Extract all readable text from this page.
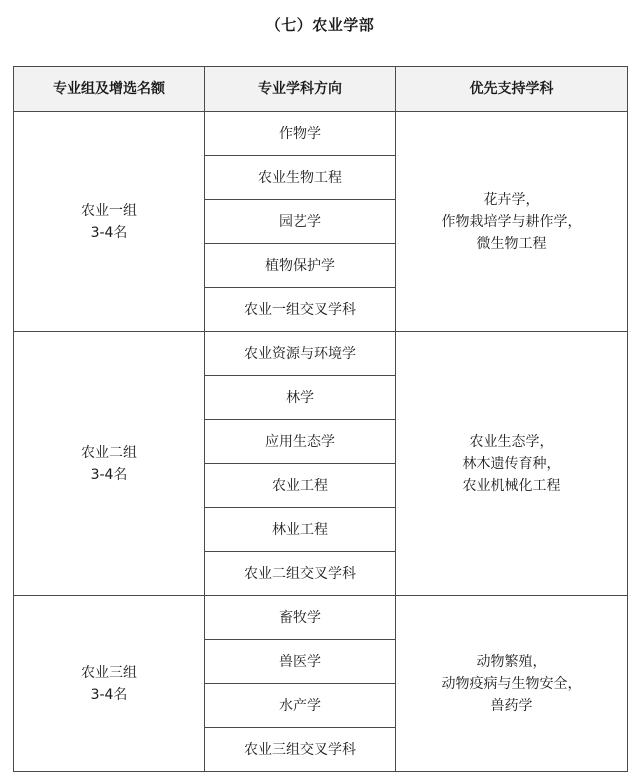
（七）农业学部
专业组及增选名额	专业学科方向	优先支持学科

农业一组
3-4名	作物学	花卉学，
作物栽培学与耕作学，
微生物工程

	农业生物工程	
	园艺学	
	植物保护学	
	农业一组交叉学科	

农业二组
3-4名	农业资源与环境学	农业生态学，
林木遗传育种，
农业机械化工程

	林学	
	应用生态学	
	农业工程	
	林业工程	
	农业二组交叉学科	

农业三组
3-4名	畜牧学	动物繁殖，
动物疫病与生物安全，
兽药学

	兽医学	
	水产学	
	农业三组交叉学科	
